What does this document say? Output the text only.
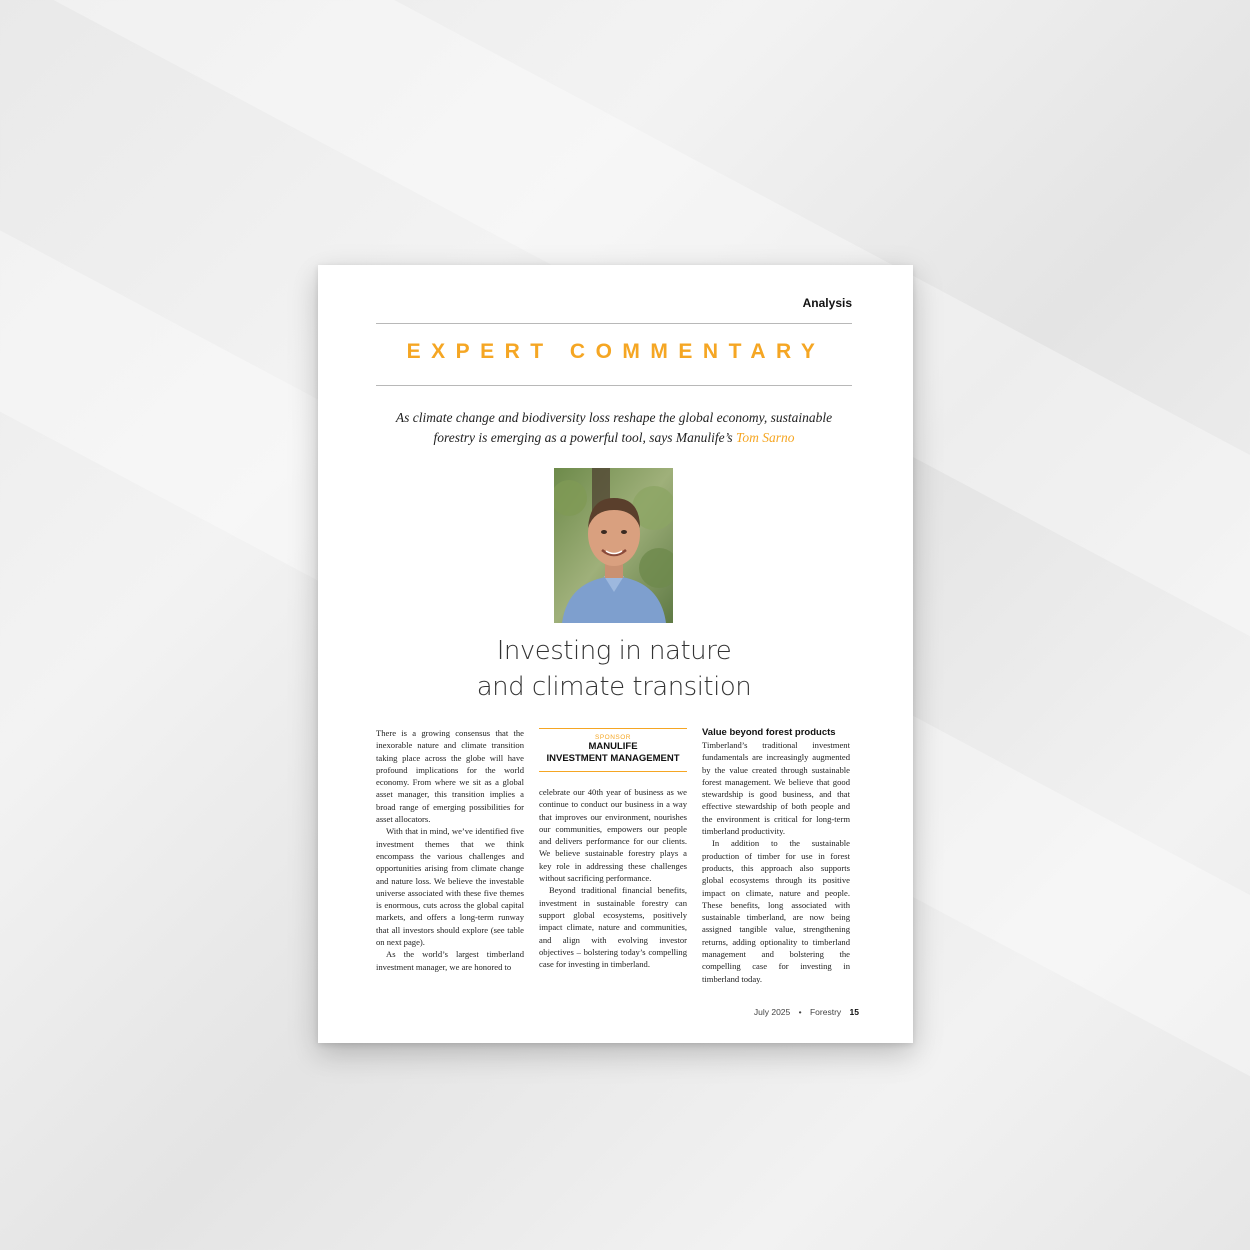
Analysis
EXPERT COMMENTARY
As climate change and biodiversity loss reshape the global economy, sustainable forestry is emerging as a powerful tool, says Manulife’s Tom Sarno
Investing in nature
and climate transition

There is a growing consensus that the inexorable nature and climate transition taking place across the globe will have profound implications for the world economy. From where we sit as a global asset manager, this transition implies a broad range of emerging possibilities for asset allocators.

With that in mind, we’ve identified five investment themes that we think encompass the various challenges and opportunities arising from climate change and nature loss. We believe the investable universe associated with these five themes is enormous, cuts across the global capital markets, and offers a long-term runway that all investors should explore (see table on next page).

As the world’s largest timberland investment manager, we are honored to

SPONSOR
MANULIFE
INVESTMENT MANAGEMENT

celebrate our 40th year of business as we continue to conduct our business in a way that improves our environment, nourishes our communities, empowers our people and delivers performance for our clients. We believe sustainable forestry plays a key role in addressing these challenges without sacrificing performance.

Beyond traditional financial benefits, investment in sustainable forestry can support global ecosystems, positively impact climate, nature and communities, and align with evolving investor objectives – bolstering today’s compelling case for investing in timberland.

Value beyond forest products

Timberland’s traditional investment fundamentals are increasingly augmented by the value created through sustainable forest management. We believe that good stewardship is good business, and that effective stewardship of both people and the environment is critical for long-term timberland productivity.

In addition to the sustainable production of timber for use in forest products, this approach also supports global ecosystems through its positive impact on climate, nature and people. These benefits, long associated with sustainable timberland, are now being assigned tangible value, strengthening returns, adding optionality to timberland management and bolstering the compelling case for investing in timberland today.

July 2025 • Forestry 15
